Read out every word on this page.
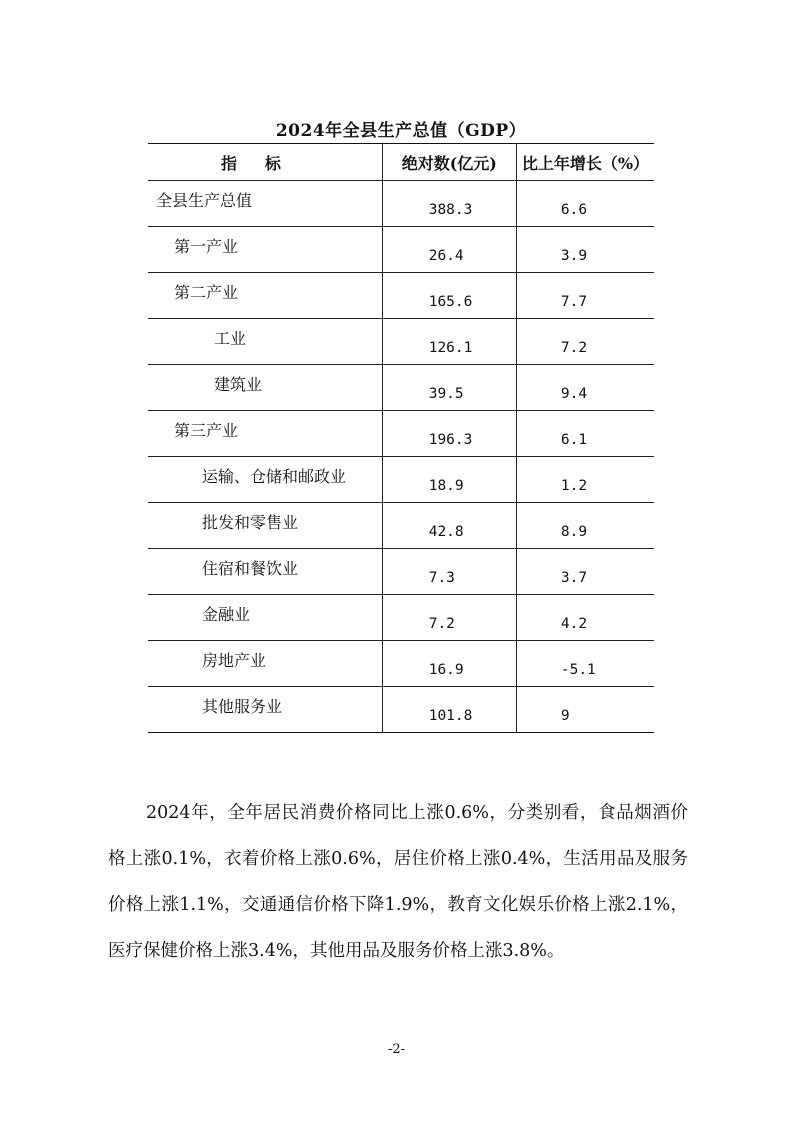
2024年全县生产总值（GDP）
指标	绝对数(亿元)	比上年增长（%）

全县生产总值	388.3	6.6

第一产业	26.4	3.9

第二产业	165.6	7.7

工业	126.1	7.2

建筑业	39.5	9.4

第三产业	196.3	6.1

运输、仓储和邮政业	18.9	1.2

批发和零售业	42.8	8.9

住宿和餐饮业	7.3	3.7

金融业	7.2	4.2

房地产业	16.9	-5.1

其他服务业	101.8	9

2024年，全年居民消费价格同比上涨0.6%，分类别看，食品烟酒价格上涨0.1%，衣着价格上涨0.6%，居住价格上涨0.4%，生活用品及服务价格上涨1.1%，交通通信价格下降1.9%，教育文化娱乐价格上涨2.1%，医疗保健价格上涨3.4%，其他用品及服务价格上涨3.8%。

-2-
